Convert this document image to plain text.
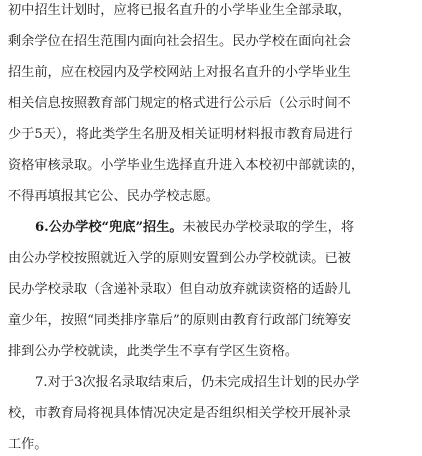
初中招生计划时，应将已报名直升的小学毕业生全部录取，
剩余学位在招生范围内面向社会招生。民办学校在面向社会
招生前，应在校园内及学校网站上对报名直升的小学毕业生
相关信息按照教育部门规定的格式进行公示后（公示时间不
少于5天），将此类学生名册及相关证明材料报市教育局进行
资格审核录取。小学毕业生选择直升进入本校初中部就读的，
不得再填报其它公、民办学校志愿。
6.公办学校“兜底”招生。未被民办学校录取的学生，将
由公办学校按照就近入学的原则安置到公办学校就读。已被
民办学校录取（含递补录取）但自动放弃就读资格的适龄儿
童少年，按照“同类排序靠后”的原则由教育行政部门统筹安
排到公办学校就读，此类学生不享有学区生资格。
7.对于3次报名录取结束后，仍未完成招生计划的民办学
校，市教育局将视具体情况决定是否组织相关学校开展补录
工作。
